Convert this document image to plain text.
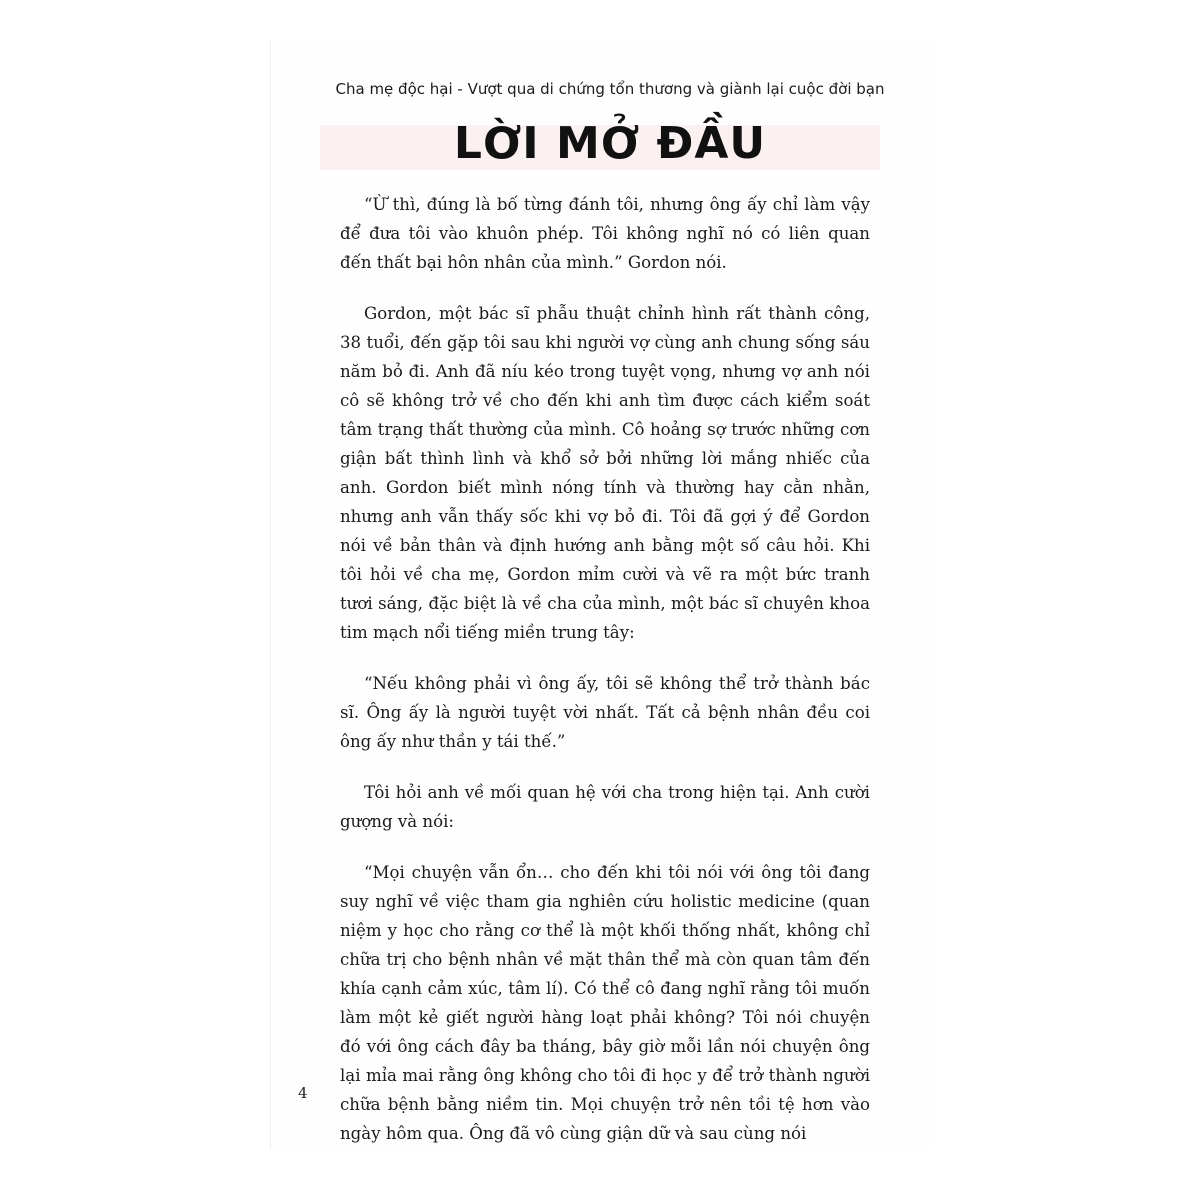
Cha mẹ độc hại - Vượt qua di chứng tổn thương và giành lại cuộc đời bạn
LỜI MỞ ĐẦU

“Ừ thì, đúng là bố từng đánh tôi, nhưng ông ấy chỉ làm vậy để đưa tôi vào khuôn phép. Tôi không nghĩ nó có liên quan đến thất bại hôn nhân của mình.” Gordon nói.

Gordon, một bác sĩ phẫu thuật chỉnh hình rất thành công, 38 tuổi, đến gặp tôi sau khi người vợ cùng anh chung sống sáu năm bỏ đi. Anh đã níu kéo trong tuyệt vọng, nhưng vợ anh nói cô sẽ không trở về cho đến khi anh tìm được cách kiểm soát tâm trạng thất thường của mình. Cô hoảng sợ trước những cơn giận bất thình lình và khổ sở bởi những lời mắng nhiếc của anh. Gordon biết mình nóng tính và thường hay cằn nhằn, nhưng anh vẫn thấy sốc khi vợ bỏ đi. Tôi đã gợi ý để Gordon nói về bản thân và định hướng anh bằng một số câu hỏi. Khi tôi hỏi về cha mẹ, Gordon mỉm cười và vẽ ra một bức tranh tươi sáng, đặc biệt là về cha của mình, một bác sĩ chuyên khoa tim mạch nổi tiếng miền trung tây:

“Nếu không phải vì ông ấy, tôi sẽ không thể trở thành bác sĩ. Ông ấy là người tuyệt vời nhất. Tất cả bệnh nhân đều coi ông ấy như thần y tái thế.”

Tôi hỏi anh về mối quan hệ với cha trong hiện tại. Anh cười gượng và nói:

“Mọi chuyện vẫn ổn… cho đến khi tôi nói với ông tôi đang suy nghĩ về việc tham gia nghiên cứu holistic medicine (quan niệm y học cho rằng cơ thể là một khối thống nhất, không chỉ chữa trị cho bệnh nhân về mặt thân thể mà còn quan tâm đến khía cạnh cảm xúc, tâm lí). Có thể cô đang nghĩ rằng tôi muốn làm một kẻ giết người hàng loạt phải không? Tôi nói chuyện đó với ông cách đây ba tháng, bây giờ mỗi lần nói chuyện ông lại mỉa mai rằng ông không cho tôi đi học y để trở thành người chữa bệnh bằng niềm tin. Mọi chuyện trở nên tồi tệ hơn vào ngày hôm qua. Ông đã vô cùng giận dữ và sau cùng nói

4
